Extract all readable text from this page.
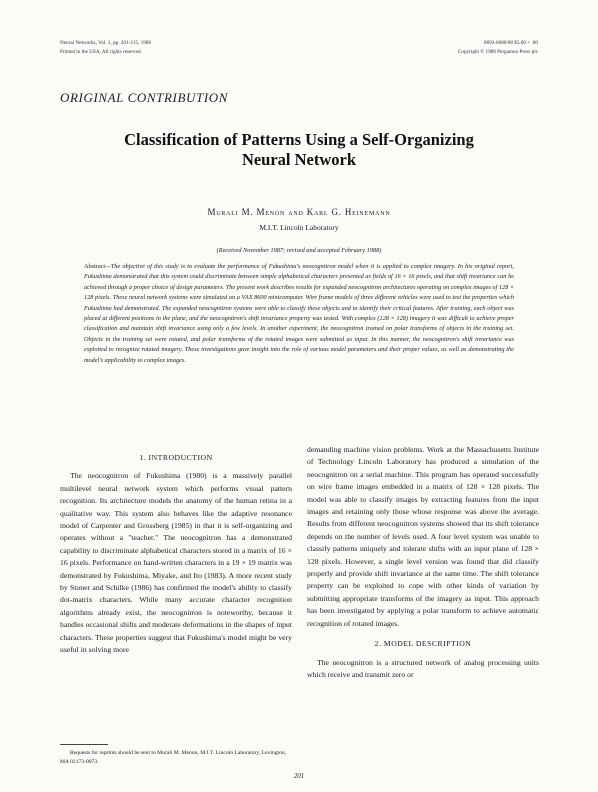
Neural Networks, Vol. 1, pp. 201-215, 1988
Printed in the USA. All rights reserved.
0893-6080/88 $3.00 + .00
Copyright © 1988 Pergamon Press plc
ORIGINAL CONTRIBUTION
Classification of Patterns Using a Self-Organizing
Neural Network
Murali M. Menon and Karl G. Heinemann
M.I.T. Lincoln Laboratory
(Received November 1987; revised and accepted February 1988)
Abstract—The objective of this study is to evaluate the performance of Fukushima's neocognitron model when it is applied to complex imagery. In his original report, Fukushima demonstrated that this system could discriminate between simple alphabetical characters presented as fields of 16 × 16 pixels, and that shift invariance can be achieved through a proper choice of design parameters. The present work describes results for expanded neocognitron architectures operating on complex images of 128 × 128 pixels. These neural network systems were simulated on a VAX 8600 minicomputer. Wire frame models of three different vehicles were used to test the properties which Fukushima had demonstrated. The expanded neocognitron systems were able to classify these objects and to identify their critical features. After training, each object was placed at different positions in the plane, and the neocognitron's shift invariance property was tested. With complex (128 × 128) imagery it was difficult to achieve proper classification and maintain shift invariance using only a few levels. In another experiment, the neocognitron trained on polar transforms of objects in the training set. Objects in the training set were rotated, and polar transforms of the rotated images were submitted as input. In this manner, the neocognitron's shift invariance was exploited to recognize rotated imagery. These investigations gave insight into the role of various model parameters and their proper values, as well as demonstrating the model's applicability to complex images.
1. INTRODUCTION

The neocognitron of Fukushima (1980) is a massively parallel multilevel neural network system which performs visual pattern recognition. Its architecture models the anatomy of the human retina in a qualitative way. This system also behaves like the adaptive resonance model of Carpenter and Grossberg (1985) in that it is self-organizing and operates without a "teacher." The neocognitron has a demonstrated capability to discriminate alphabetical characters stored in a matrix of 16 × 16 pixels. Performance on hand-written characters in a 19 × 19 matrix was demonstrated by Fukushima, Miyake, and Ito (1983). A more recent study by Stoner and Schilke (1986) has confirmed the model's ability to classify dot-matrix characters. While many accurate character recognition algorithms already exist, the neocognitron is noteworthy, because it handles occasional shifts and moderate deformations in the shapes of input characters. These properties suggest that Fukushima's model might be very useful in solving more

demanding machine vision problems. Work at the Massachusetts Institute of Technology Lincoln Laboratory has produced a simulation of the neocognitron on a serial machine. This program has operated successfully on wire frame images embedded in a matrix of 128 × 128 pixels. The model was able to classify images by extracting features from the input images and retaining only those whose response was above the average. Results from different neocognitron systems showed that its shift tolerance depends on the number of levels used. A four level system was unable to classify patterns uniquely and tolerate shifts with an input plane of 128 × 128 pixels. However, a single level version was found that did classify properly and provide shift invariance at the same time. The shift tolerance property can be exploited to cope with other kinds of variation by submitting appropriate transforms of the imagery as input. This approach has been investigated by applying a polar transform to achieve automatic recognition of rotated images.

2. MODEL DESCRIPTION

The neocognitron is a structured network of analog processing units which receive and transmit zero or

Requests for reprints should be sent to Murali M. Menon, M.I.T. Lincoln Laboratory, Lexington, MA 02173-0073.
201
